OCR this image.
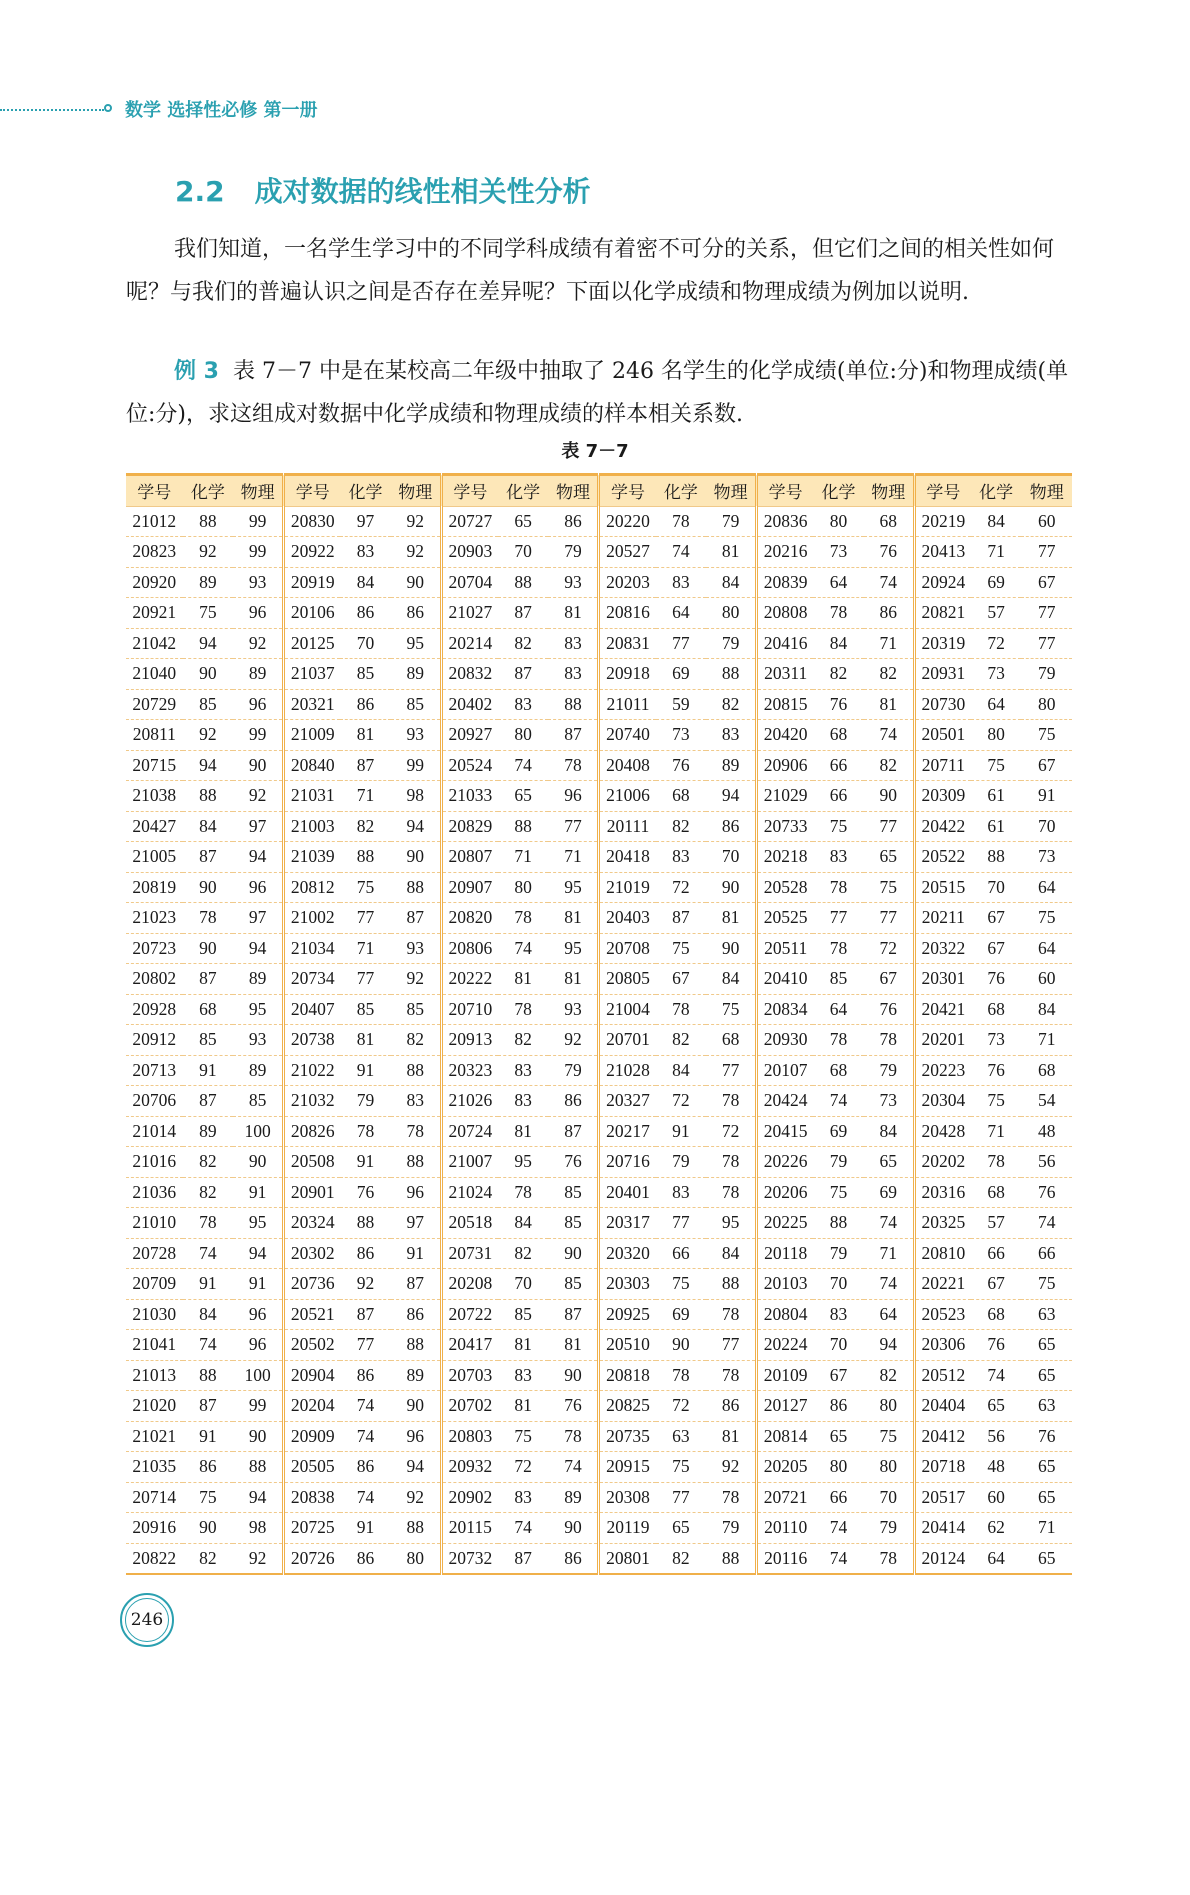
数学 选择性必修 第一册
2.2 成对数据的线性相关性分析

我们知道，一名学生学习中的不同学科成绩有着密不可分的关系，但它们之间的相关性如何呢？与我们的普遍认识之间是否存在差异呢？下面以化学成绩和物理成绩为例加以说明.

例 3 表 7－7 中是在某校高二年级中抽取了 246 名学生的化学成绩(单位:分)和物理成绩(单位:分)，求这组成对数据中化学成绩和物理成绩的样本相关系数.

表 7－7
学号	化学	物理	学号	化学	物理	学号	化学	物理	学号	化学	物理	学号	化学	物理	学号	化学	物理
21012	88	99	20830	97	92	20727	65	86	20220	78	79	20836	80	68	20219	84	60
20823	92	99	20922	83	92	20903	70	79	20527	74	81	20216	73	76	20413	71	77
20920	89	93	20919	84	90	20704	88	93	20203	83	84	20839	64	74	20924	69	67
20921	75	96	20106	86	86	21027	87	81	20816	64	80	20808	78	86	20821	57	77
21042	94	92	20125	70	95	20214	82	83	20831	77	79	20416	84	71	20319	72	77
21040	90	89	21037	85	89	20832	87	83	20918	69	88	20311	82	82	20931	73	79
20729	85	96	20321	86	85	20402	83	88	21011	59	82	20815	76	81	20730	64	80
20811	92	99	21009	81	93	20927	80	87	20740	73	83	20420	68	74	20501	80	75
20715	94	90	20840	87	99	20524	74	78	20408	76	89	20906	66	82	20711	75	67
21038	88	92	21031	71	98	21033	65	96	21006	68	94	21029	66	90	20309	61	91
20427	84	97	21003	82	94	20829	88	77	20111	82	86	20733	75	77	20422	61	70
21005	87	94	21039	88	90	20807	71	71	20418	83	70	20218	83	65	20522	88	73
20819	90	96	20812	75	88	20907	80	95	21019	72	90	20528	78	75	20515	70	64
21023	78	97	21002	77	87	20820	78	81	20403	87	81	20525	77	77	20211	67	75
20723	90	94	21034	71	93	20806	74	95	20708	75	90	20511	78	72	20322	67	64
20802	87	89	20734	77	92	20222	81	81	20805	67	84	20410	85	67	20301	76	60
20928	68	95	20407	85	85	20710	78	93	21004	78	75	20834	64	76	20421	68	84
20912	85	93	20738	81	82	20913	82	92	20701	82	68	20930	78	78	20201	73	71
20713	91	89	21022	91	88	20323	83	79	21028	84	77	20107	68	79	20223	76	68
20706	87	85	21032	79	83	21026	83	86	20327	72	78	20424	74	73	20304	75	54
21014	89	100	20826	78	78	20724	81	87	20217	91	72	20415	69	84	20428	71	48
21016	82	90	20508	91	88	21007	95	76	20716	79	78	20226	79	65	20202	78	56
21036	82	91	20901	76	96	21024	78	85	20401	83	78	20206	75	69	20316	68	76
21010	78	95	20324	88	97	20518	84	85	20317	77	95	20225	88	74	20325	57	74
20728	74	94	20302	86	91	20731	82	90	20320	66	84	20118	79	71	20810	66	66
20709	91	91	20736	92	87	20208	70	85	20303	75	88	20103	70	74	20221	67	75
21030	84	96	20521	87	86	20722	85	87	20925	69	78	20804	83	64	20523	68	63
21041	74	96	20502	77	88	20417	81	81	20510	90	77	20224	70	94	20306	76	65
21013	88	100	20904	86	89	20703	83	90	20818	78	78	20109	67	82	20512	74	65
21020	87	99	20204	74	90	20702	81	76	20825	72	86	20127	86	80	20404	65	63
21021	91	90	20909	74	96	20803	75	78	20735	63	81	20814	65	75	20412	56	76
21035	86	88	20505	86	94	20932	72	74	20915	75	92	20205	80	80	20718	48	65
20714	75	94	20838	74	92	20902	83	89	20308	77	78	20721	66	70	20517	60	65
20916	90	98	20725	91	88	20115	74	90	20119	65	79	20110	74	79	20414	62	71
20822	82	92	20726	86	80	20732	87	86	20801	82	88	20116	74	78	20124	64	65
246
